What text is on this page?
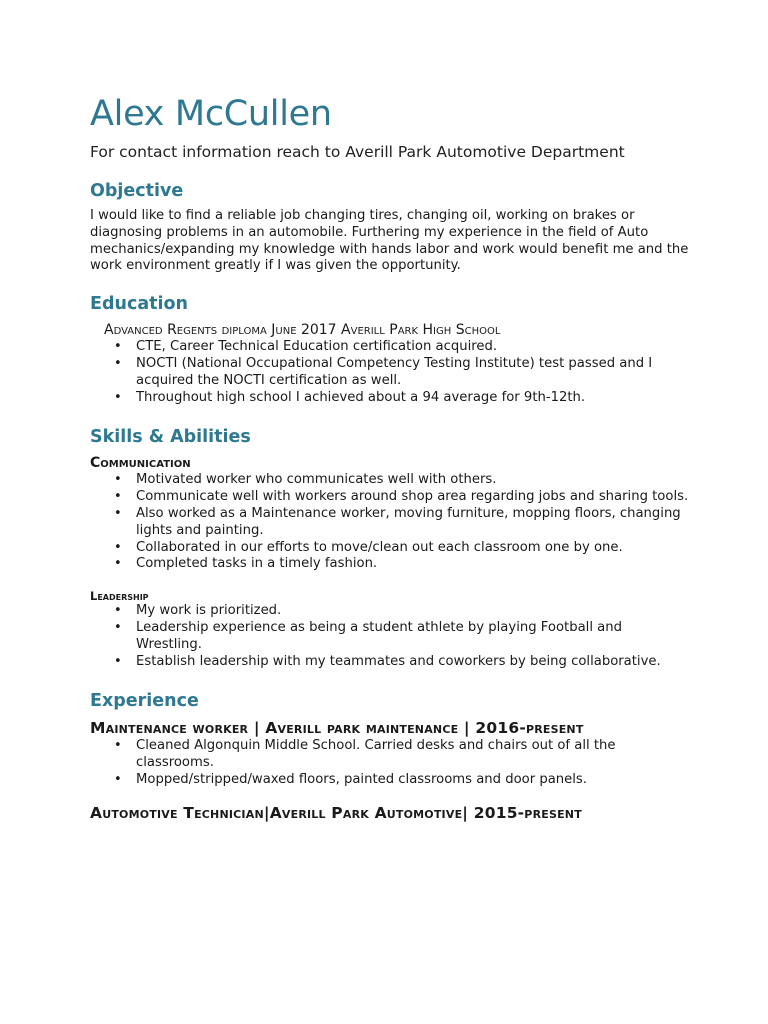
Alex McCullen

For contact information reach to Averill Park Automotive Department

Objective

I would like to find a reliable job changing tires, changing oil, working on brakes or diagnosing problems in an automobile. Furthering my experience in the field of Auto mechanics/expanding my knowledge with hands labor and work would benefit me and the work environment greatly if I was given the opportunity.

Education

Advanced Regents diploma June 2017 Averill Park High School

• CTE, Career Technical Education certification acquired.
• NOCTI (National Occupational Competency Testing Institute) test passed and I acquired the NOCTI certification as well.
• Throughout high school I achieved about a 94 average for 9th-12th.
Skills & Abilities

Communication

• Motivated worker who communicates well with others.
• Communicate well with workers around shop area regarding jobs and sharing tools.
• Also worked as a Maintenance worker, moving furniture, mopping floors, changing lights and painting.
• Collaborated in our efforts to move/clean out each classroom one by one.
• Completed tasks in a timely fashion.

Leadership

• My work is prioritized.
• Leadership experience as being a student athlete by playing Football and Wrestling.
• Establish leadership with my teammates and coworkers by being collaborative.
Experience

Maintenance worker | Averill park maintenance | 2016-present

• Cleaned Algonquin Middle School. Carried desks and chairs out of all the classrooms.
• Mopped/stripped/waxed floors, painted classrooms and door panels.

Automotive Technician|Averill Park Automotive| 2015-present
